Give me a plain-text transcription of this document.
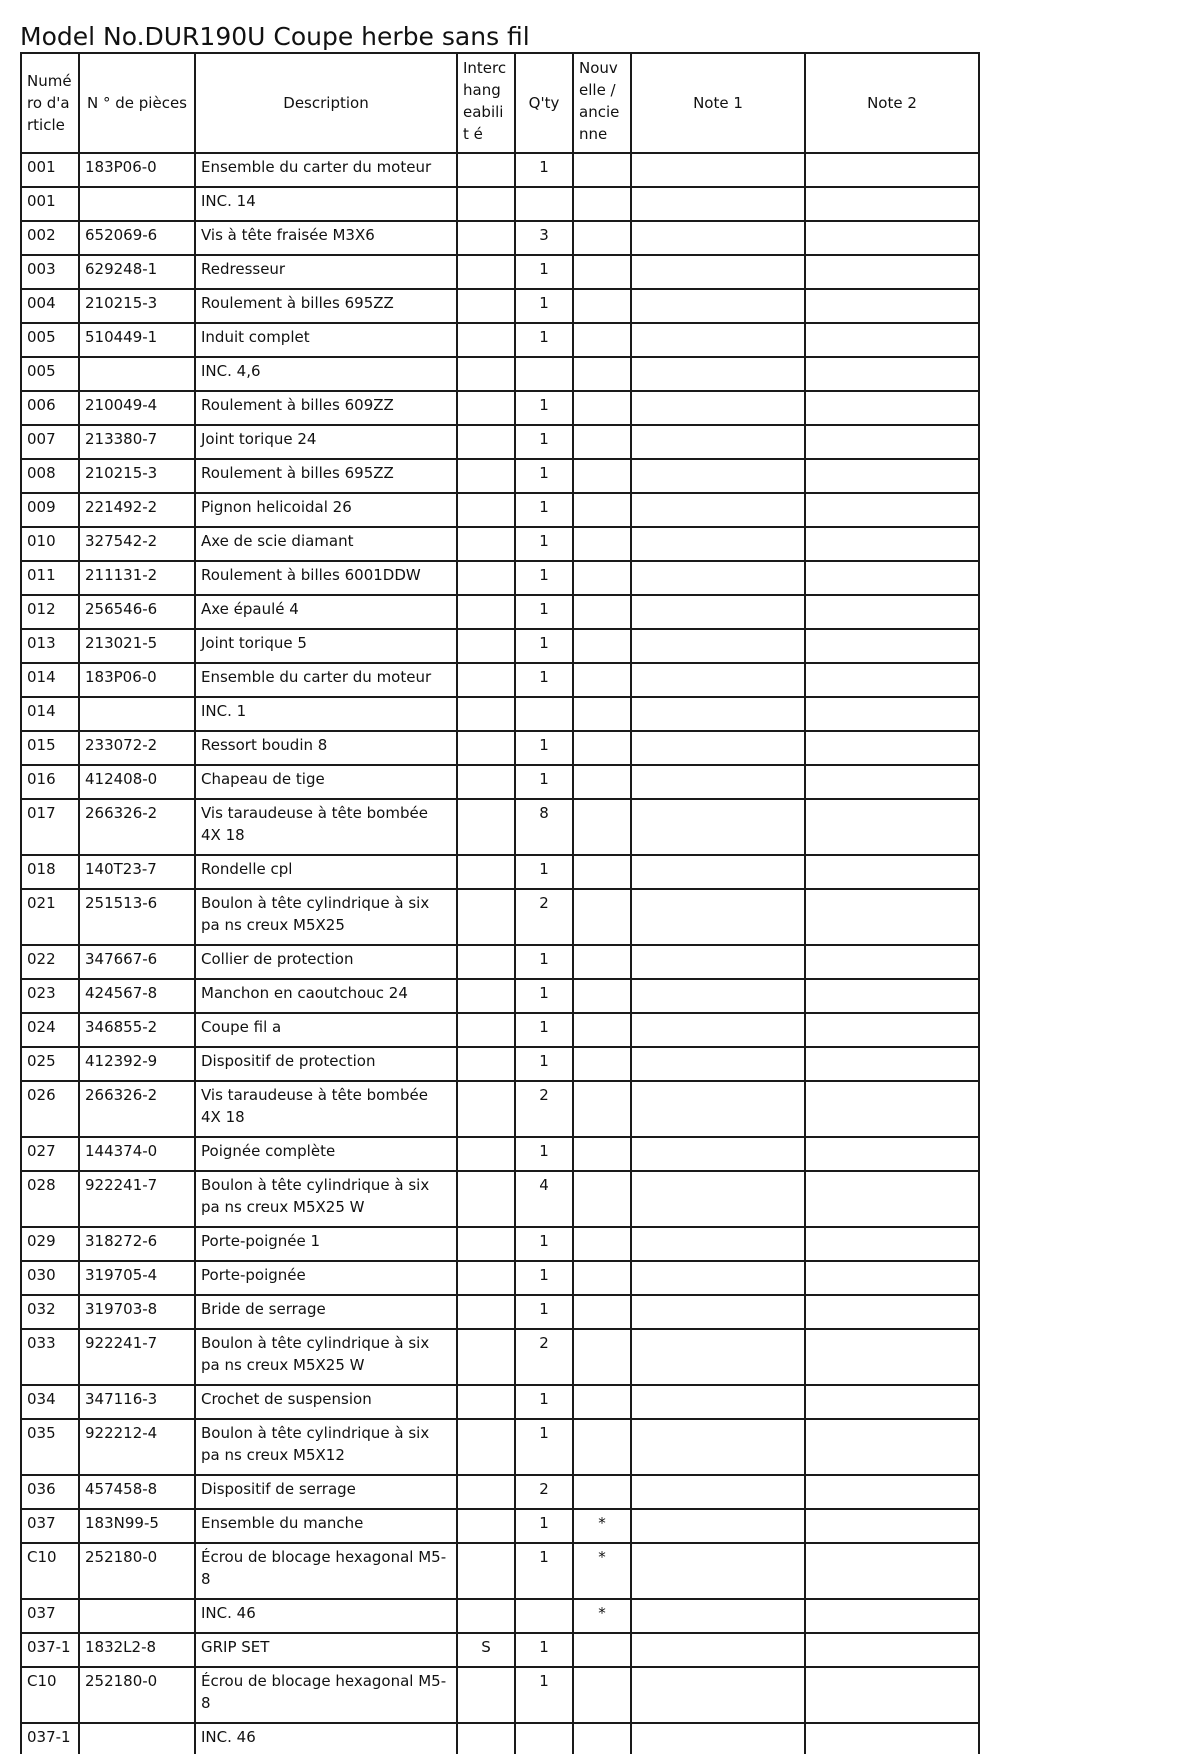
Model No.DUR190U Coupe herbe sans fil
Numé ro d'a rticle	N ° de pièces	Description	Interc hang eabilit é	Q'ty	Nouv elle / ancie nne	Note 1	Note 2
001	183P06-0	Ensemble du carter du moteur		1			
001		INC. 14					
002	652069-6	Vis à tête fraisée M3X6		3			
003	629248-1	Redresseur		1			
004	210215-3	Roulement à billes 695ZZ		1			
005	510449-1	Induit complet		1			
005		INC. 4,6					
006	210049-4	Roulement à billes 609ZZ		1			
007	213380-7	Joint torique 24		1			
008	210215-3	Roulement à billes 695ZZ		1			
009	221492-2	Pignon helicoidal 26		1			
010	327542-2	Axe de scie diamant		1			
011	211131-2	Roulement à billes 6001DDW		1			
012	256546-6	Axe épaulé 4		1			
013	213021-5	Joint torique 5		1			
014	183P06-0	Ensemble du carter du moteur		1			
014		INC. 1					
015	233072-2	Ressort boudin 8		1			
016	412408-0	Chapeau de tige		1			
017	266326-2	Vis taraudeuse à tête bombée 4X 18		8			
018	140T23-7	Rondelle cpl		1			
021	251513-6	Boulon à tête cylindrique à six pa ns creux M5X25		2			
022	347667-6	Collier de protection		1			
023	424567-8	Manchon en caoutchouc 24		1			
024	346855-2	Coupe fil a		1			
025	412392-9	Dispositif de protection		1			
026	266326-2	Vis taraudeuse à tête bombée 4X 18		2			
027	144374-0	Poignée complète		1			
028	922241-7	Boulon à tête cylindrique à six pa ns creux M5X25 W		4			
029	318272-6	Porte-poignée 1		1			
030	319705-4	Porte-poignée		1			
032	319703-8	Bride de serrage		1			
033	922241-7	Boulon à tête cylindrique à six pa ns creux M5X25 W		2			
034	347116-3	Crochet de suspension		1			
035	922212-4	Boulon à tête cylindrique à six pa ns creux M5X12		1			
036	457458-8	Dispositif de serrage		2			
037	183N99-5	Ensemble du manche		1	*		
C10	252180-0	Écrou de blocage hexagonal M5- 8		1	*		
037		INC. 46			*		
037-1	1832L2-8	GRIP SET	S	1			
C10	252180-0	Écrou de blocage hexagonal M5- 8		1			
037-1		INC. 46					
